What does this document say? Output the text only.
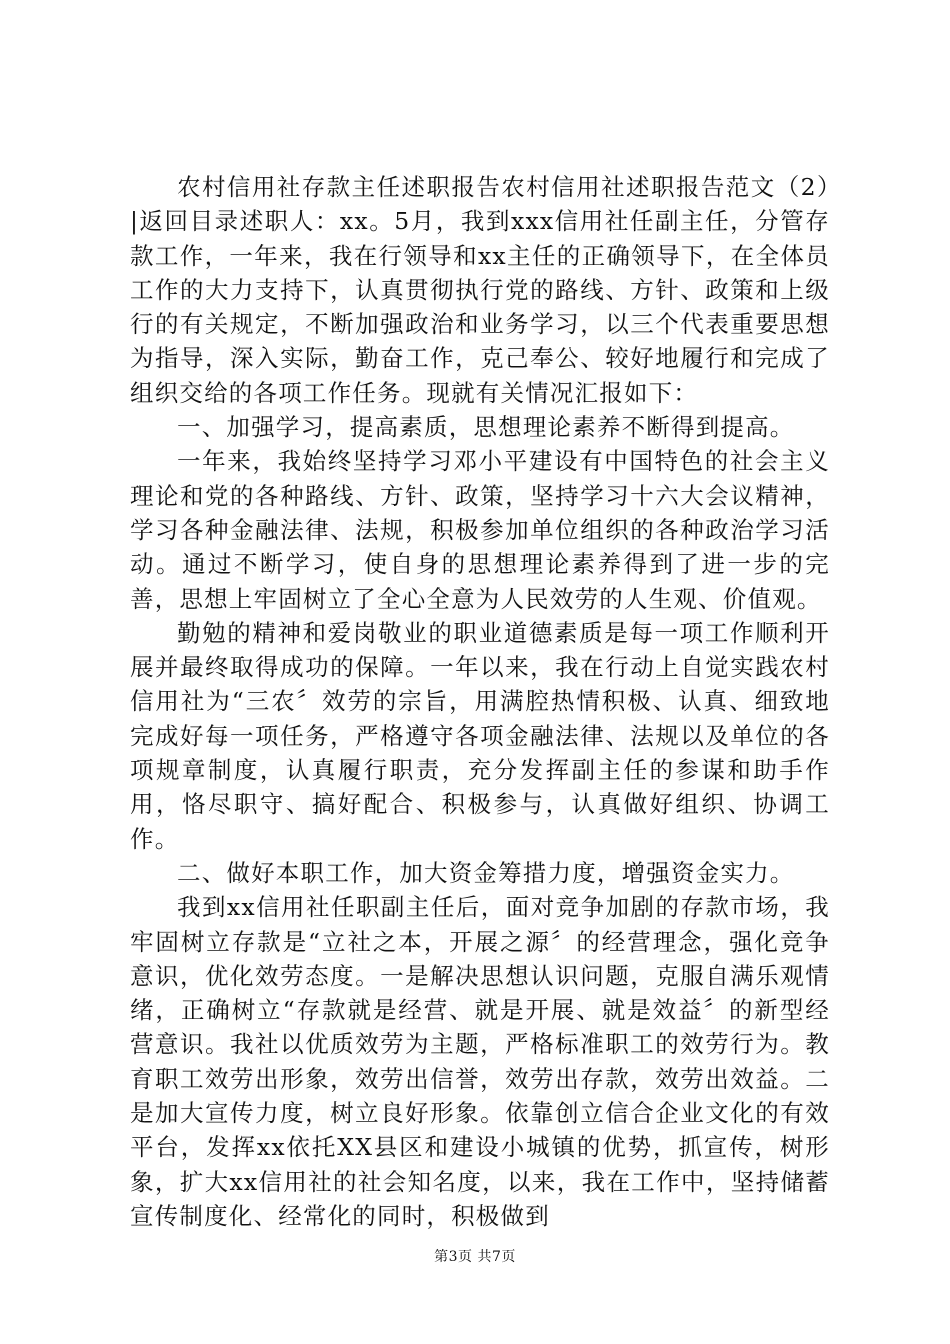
农村信用社存款主任述职报告农村信用社述职报告范文（2）|返回目录述职人：xx。5月，我到xxx信用社任副主任，分管存款工作，一年来，我在行领导和xx主任的正确领导下，在全体员工作的大力支持下，认真贯彻执行党的路线、方针、政策和上级行的有关规定，不断加强政治和业务学习，以三个代表重要思想为指导，深入实际，勤奋工作，克己奉公、较好地履行和完成了组织交给的各项工作任务。现就有关情况汇报如下：

一、加强学习，提高素质，思想理论素养不断得到提高。

一年来，我始终坚持学习邓小平建设有中国特色的社会主义理论和党的各种路线、方针、政策，坚持学习十六大会议精神，学习各种金融法律、法规，积极参加单位组织的各种政治学习活动。通过不断学习，使自身的思想理论素养得到了进一步的完善，思想上牢固树立了全心全意为人民效劳的人生观、价值观。

勤勉的精神和爱岗敬业的职业道德素质是每一项工作顺利开展并最终取得成功的保障。一年以来，我在行动上自觉实践农村信用社为“三农〞效劳的宗旨，用满腔热情积极、认真、细致地完成好每一项任务，严格遵守各项金融法律、法规以及单位的各项规章制度，认真履行职责，充分发挥副主任的参谋和助手作用，恪尽职守、搞好配合、积极参与，认真做好组织、协调工作。

二、做好本职工作，加大资金筹措力度，增强资金实力。

我到xx信用社任职副主任后，面对竞争加剧的存款市场，我牢固树立存款是“立社之本，开展之源〞的经营理念，强化竞争意识，优化效劳态度。一是解决思想认识问题，克服自满乐观情绪，正确树立“存款就是经营、就是开展、就是效益〞的新型经营意识。我社以优质效劳为主题，严格标准职工的效劳行为。教育职工效劳出形象，效劳出信誉，效劳出存款，效劳出效益。二是加大宣传力度，树立良好形象。依靠创立信合企业文化的有效平台，发挥xx依托XX县区和建设小城镇的优势，抓宣传，树形象，扩大xx信用社的社会知名度，以来，我在工作中，坚持储蓄宣传制度化、经常化的同时，积极做到

第3页 共7页
